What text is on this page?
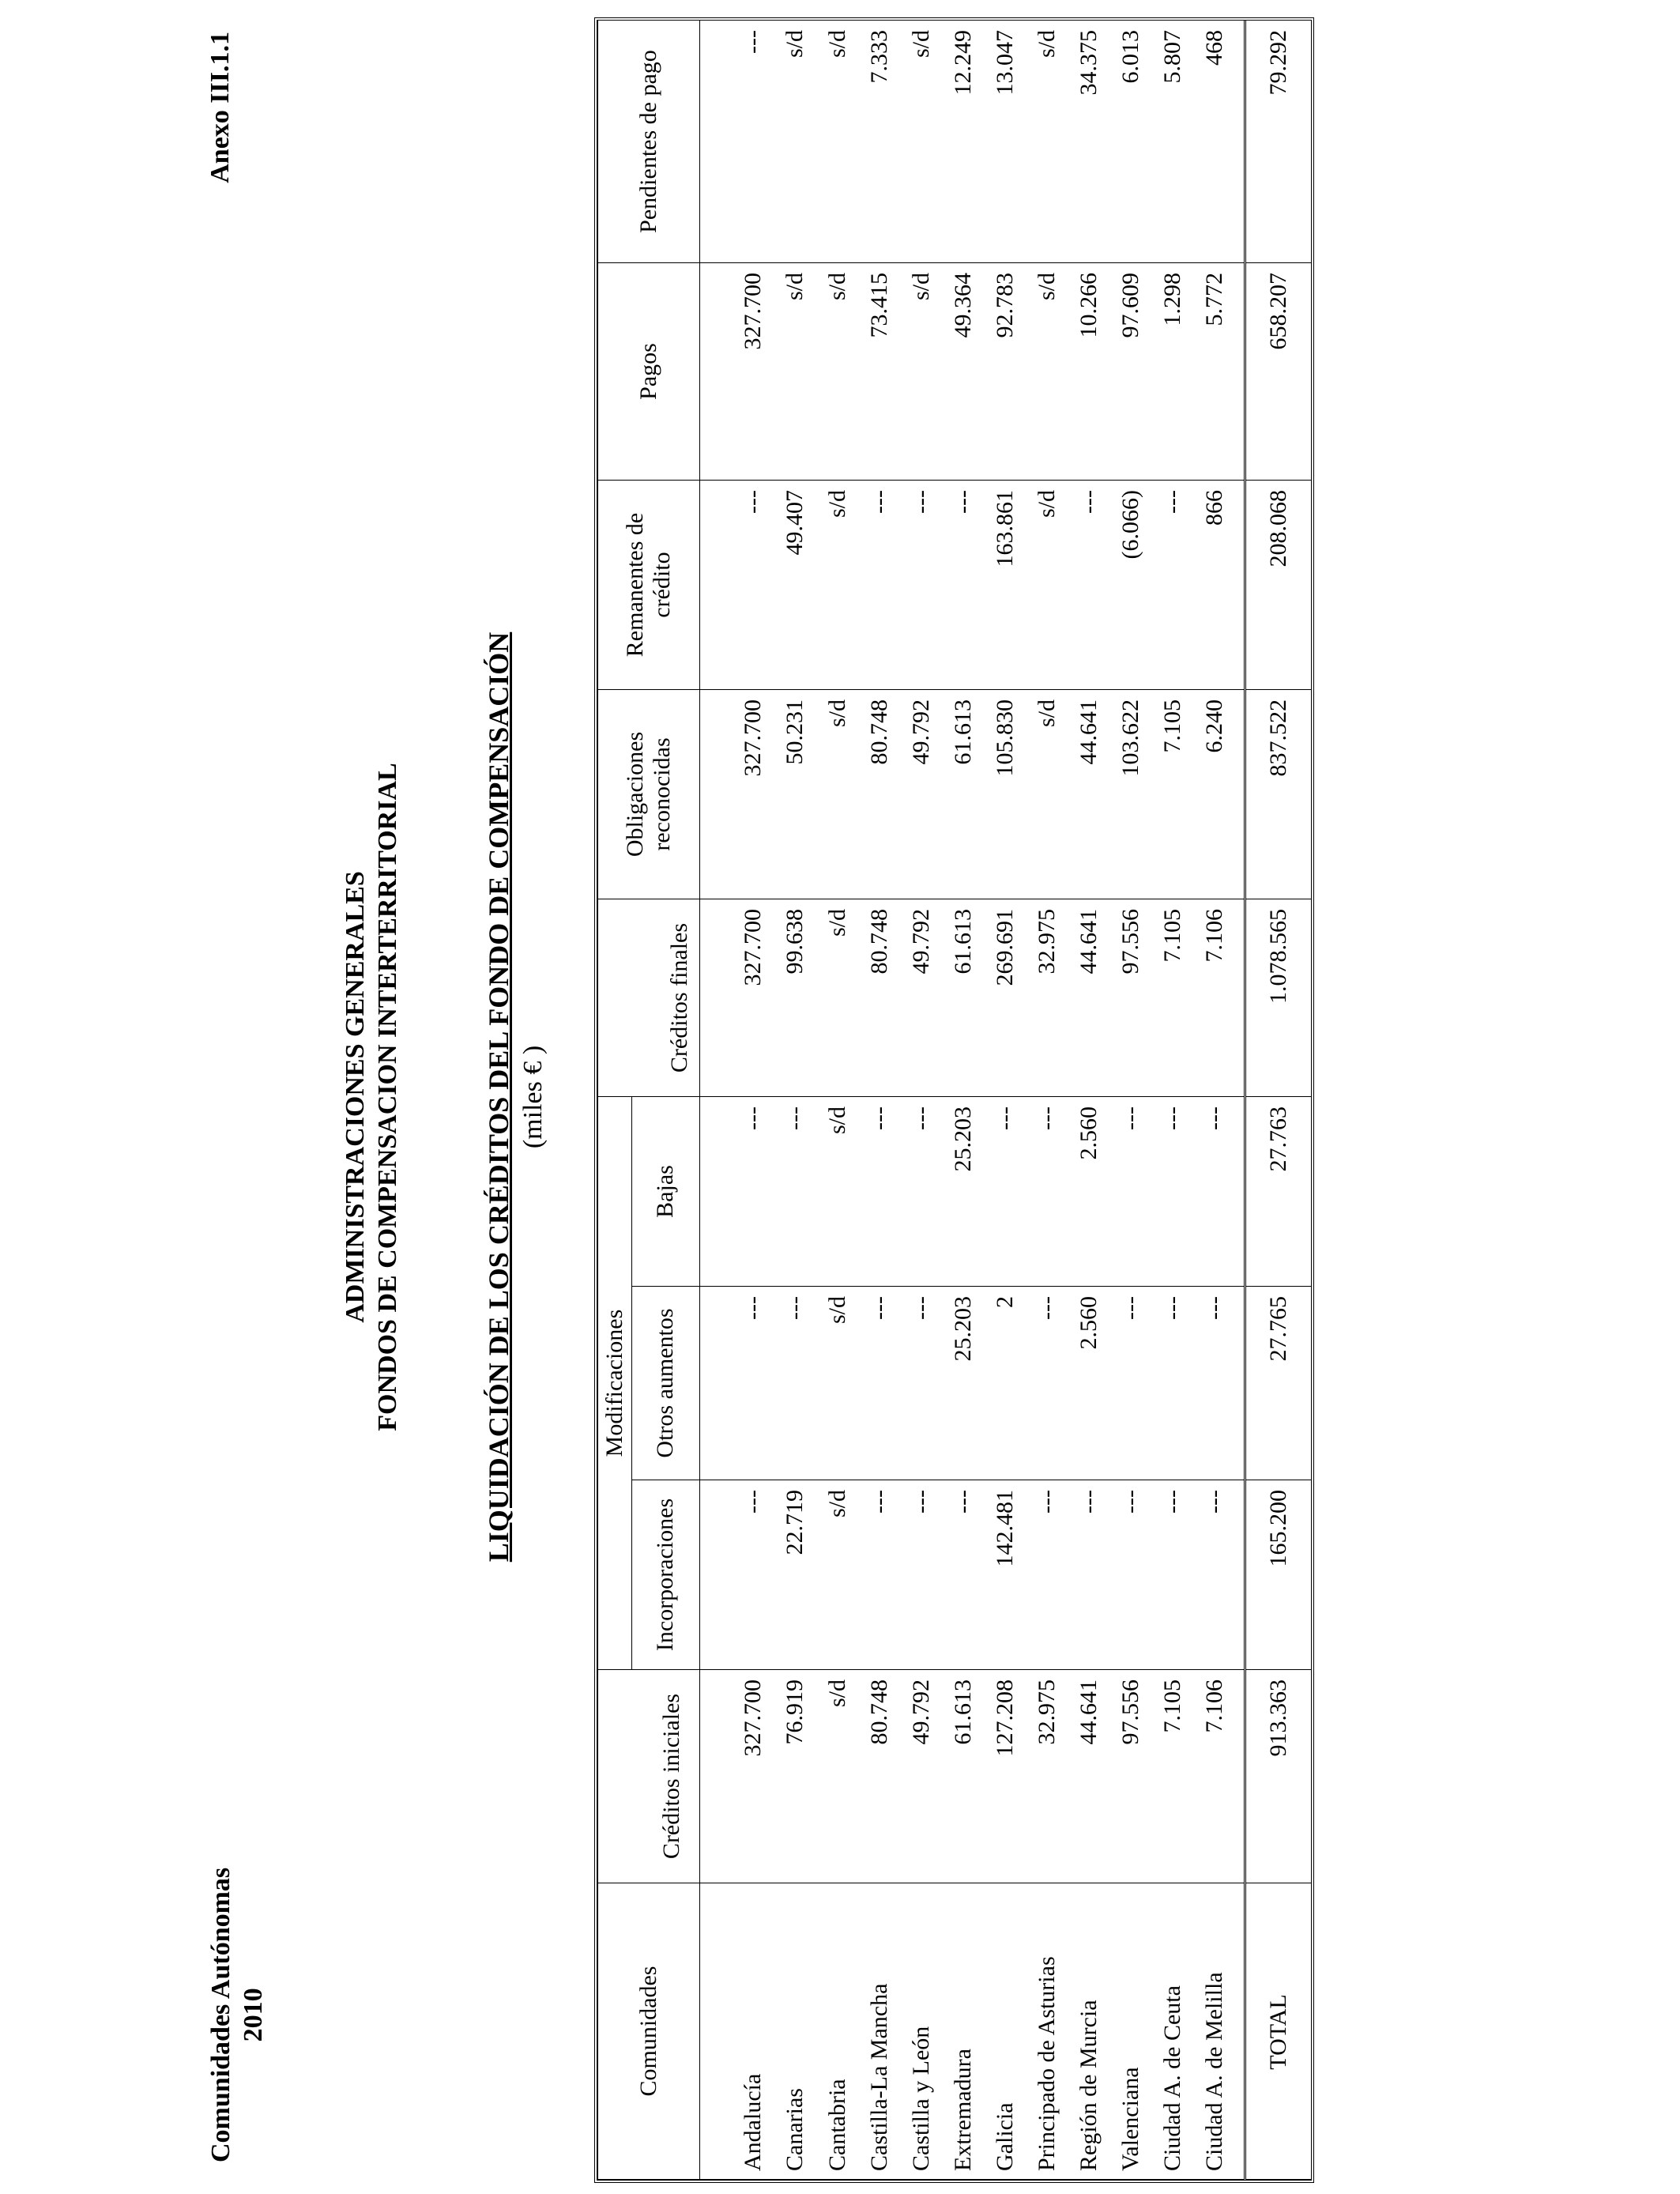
Comunidades Autónomas 2010
Anexo III.1.1
ADMINISTRACIONES GENERALES FONDOS DE COMPENSACION INTERTERRITORIAL	LIQUIDACIÓN DE LOS CRÉDITOS DEL FONDO DE COMPENSACIÓN (miles € )
Comunidades	Créditos iniciales	Modificaciones			Créditos finales	Obligaciones reconocidas	Remanentes de crédito	Pagos	Pendientes de pago
		Incorporaciones	Otros aumentos	Bajas					

Andalucía	327.700	---	---	---	327.700	327.700	---	327.700	---
Canarias	76.919	22.719	---	---	99.638	50.231	49.407	s/d	s/d
Cantabria	s/d	s/d	s/d	s/d	s/d	s/d	s/d	s/d	s/d
Castilla-La Mancha	80.748	---	---	---	80.748	80.748	---	73.415	7.333
Castilla y León	49.792	---	---	---	49.792	49.792	---	s/d	s/d
Extremadura	61.613	---	25.203	25.203	61.613	61.613	---	49.364	12.249
Galicia	127.208	142.481	2	---	269.691	105.830	163.861	92.783	13.047
Principado de Asturias	32.975	---	---	---	32.975	s/d	s/d	s/d	s/d
Región de Murcia	44.641	---	2.560	2.560	44.641	44.641	---	10.266	34.375
Valenciana	97.556	---	---	---	97.556	103.622	(6.066)	97.609	6.013
Ciudad A. de Ceuta	7.105	---	---	---	7.105	7.105	---	1.298	5.807
Ciudad A. de Melilla	7.106	---	---	---	7.106	6.240	866	5.772	468

TOTAL	913.363	165.200	27.765	27.763	1.078.565	837.522	208.068	658.207	79.292
